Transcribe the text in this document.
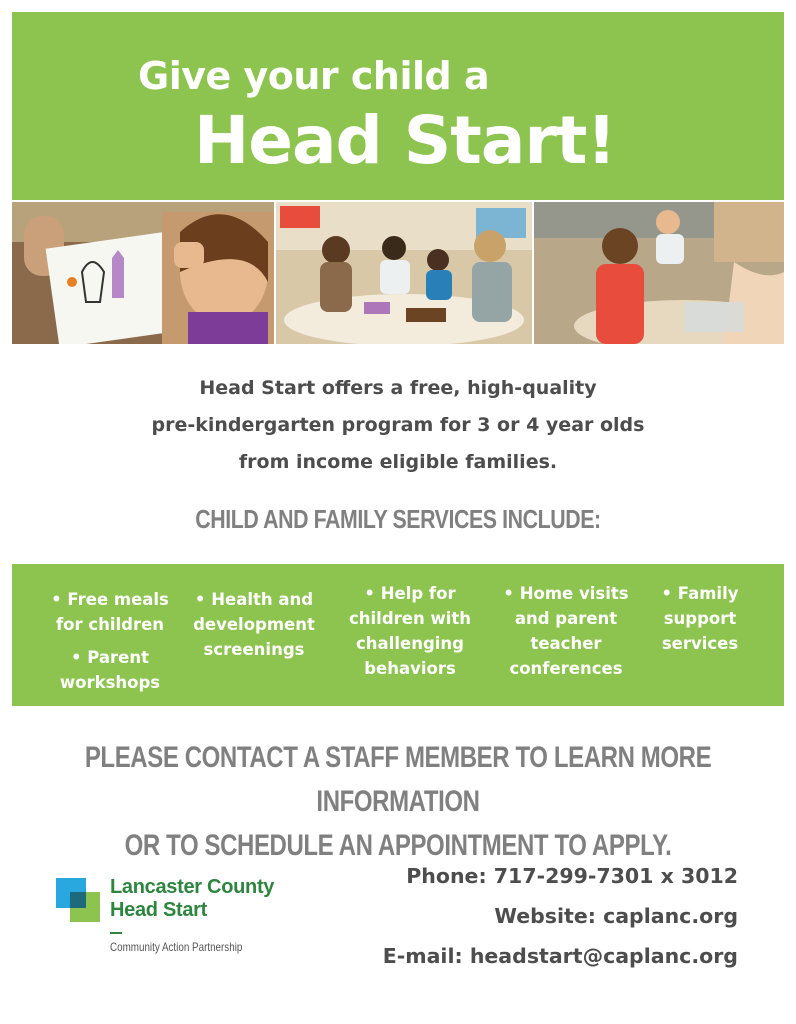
Give your child a
Head Start!
Head Start offers a free, high-quality
pre-kindergarten program for 3 or 4 year olds
from income eligible families.
CHILD AND FAMILY SERVICES INCLUDE:
• Free meals
for children
• Parent
workshops
• Health and
development
screenings
• Help for
children with
challenging
behaviors
• Home visits
and parent
teacher
conferences
• Family
support
services
PLEASE CONTACT A STAFF MEMBER TO LEARN MORE INFORMATION
OR TO SCHEDULE AN APPOINTMENT TO APPLY.
Lancaster County
Head Start
Community Action Partnership
Phone: 717-299-7301 x 3012
Website: caplanc.org
E-mail: headstart@caplanc.org
